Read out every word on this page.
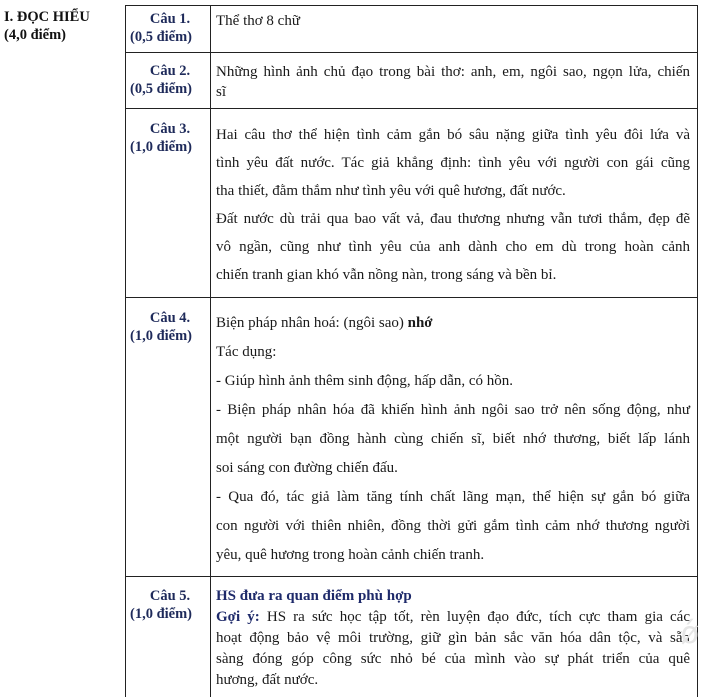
I. ĐỌC HIỂU
(4,0 điểm)
Câu 1.
(0,5 điểm)

Thể thơ 8 chữ

Câu 2.
(0,5 điểm)

Những hình ảnh chủ đạo trong bài thơ: anh, em, ngôi sao, ngọn lửa, chiến

sĩ

Câu 3.
(1,0 điểm)

Hai câu thơ thể hiện tình cảm gắn bó sâu nặng giữa tình yêu đôi lứa và

tình yêu đất nước. Tác giả khẳng định: tình yêu với người con gái cũng

tha thiết, đằm thắm như tình yêu với quê hương, đất nước.

Đất nước dù trải qua bao vất vả, đau thương nhưng vẫn tươi thắm, đẹp đẽ

vô ngần, cũng như tình yêu của anh dành cho em dù trong hoàn cảnh

chiến tranh gian khó vẫn nồng nàn, trong sáng và bền bỉ.

Câu 4.
(1,0 điểm)

Biện pháp nhân hoá: (ngôi sao) nhớ

Tác dụng:

- Giúp hình ảnh thêm sinh động, hấp dẫn, có hồn.

- Biện pháp nhân hóa đã khiến hình ảnh ngôi sao trở nên sống động, như

một người bạn đồng hành cùng chiến sĩ, biết nhớ thương, biết lấp lánh

soi sáng con đường chiến đấu.

- Qua đó, tác giả làm tăng tính chất lãng mạn, thể hiện sự gắn bó giữa

con người với thiên nhiên, đồng thời gửi gắm tình cảm nhớ thương người

yêu, quê hương trong hoàn cảnh chiến tranh.

Câu 5.
(1,0 điểm)

HS đưa ra quan điểm phù hợp

Gợi ý: HS ra sức học tập tốt, rèn luyện đạo đức, tích cực tham gia các

hoạt động bảo vệ môi trường, giữ gìn bản sắc văn hóa dân tộc, và sẵn

sàng đóng góp công sức nhỏ bé của mình vào sự phát triển của quê

hương, đất nước.

ǿ
